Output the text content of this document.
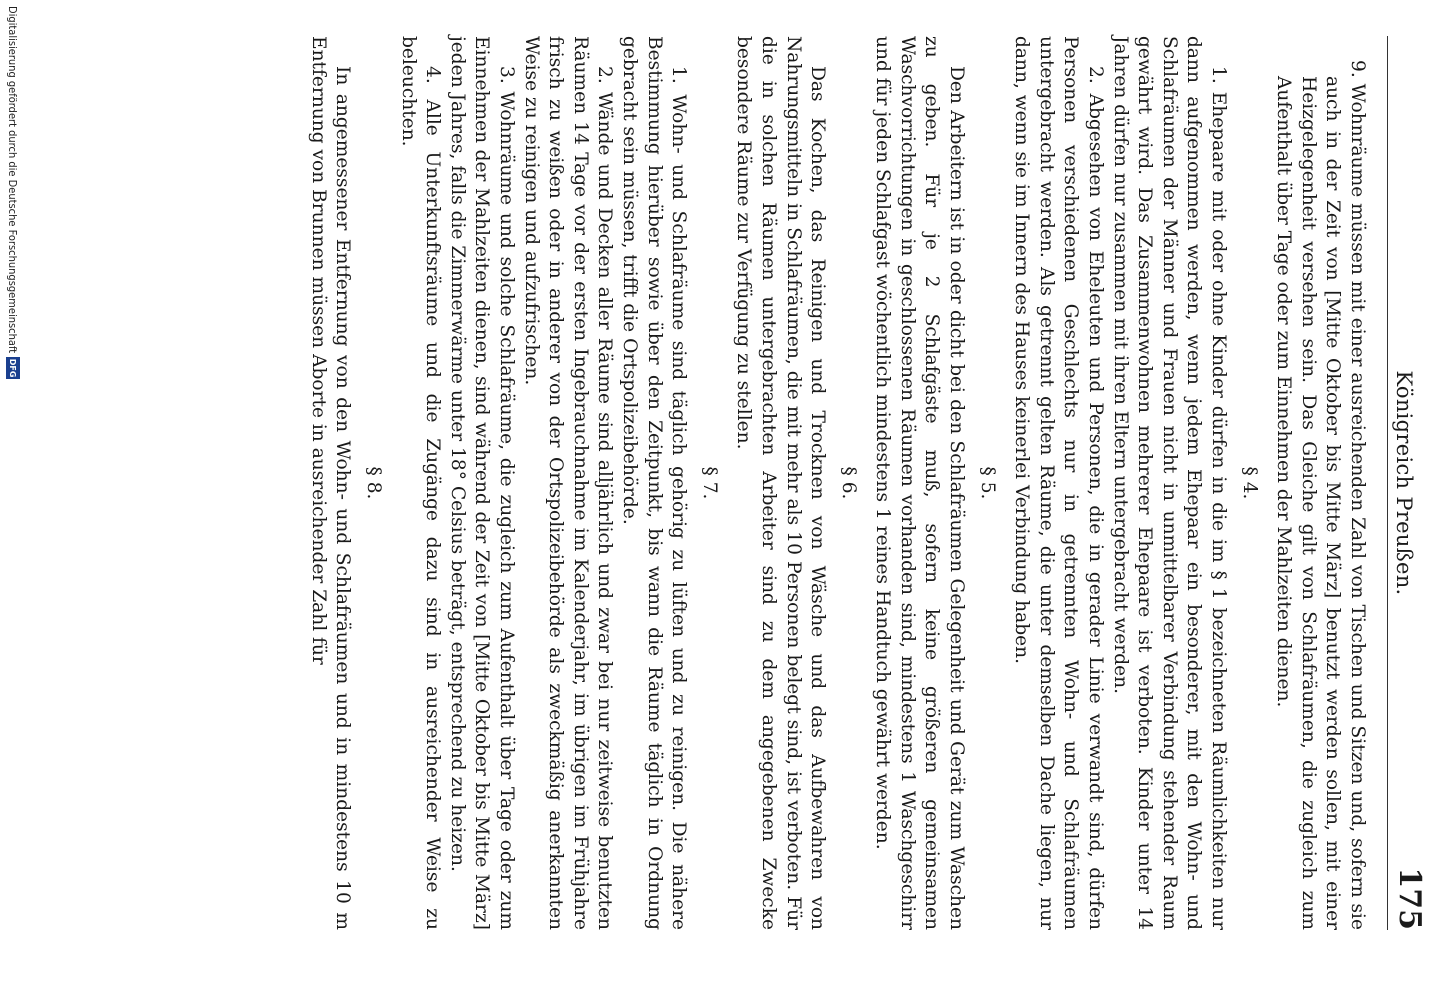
Königreich Preußen.
175

9. Wohnräume müssen mit einer ausreichenden Zahl von Tischen und Sitzen und, sofern sie auch in der Zeit von [Mitte Oktober bis Mitte März] benutzt werden sollen, mit einer Heizgelegenheit versehen sein. Das Gleiche gilt von Schlafräumen, die zugleich zum Aufenthalt über Tage oder zum Einnehmen der Mahlzeiten dienen.

§ 4.

1. Ehepaare mit oder ohne Kinder dürfen in die im § 1 bezeichneten Räumlichkeiten nur dann aufgenommen werden, wenn jedem Ehepaar ein besonderer, mit den Wohn- und Schlafräumen der Männer und Frauen nicht in unmittelbarer Verbindung stehender Raum gewährt wird. Das Zusammenwohnen mehrerer Ehepaare ist verboten. Kinder unter 14 Jahren dürfen nur zusammen mit ihren Eltern untergebracht werden.

2. Abgesehen von Eheleuten und Personen, die in gerader Linie verwandt sind, dürfen Personen verschiedenen Geschlechts nur in getrennten Wohn- und Schlafräumen untergebracht werden. Als getrennt gelten Räume, die unter demselben Dache liegen, nur dann, wenn sie im Innern des Hauses keinerlei Verbindung haben.

§ 5.

Den Arbeitern ist in oder dicht bei den Schlafräumen Gelegenheit und Gerät zum Waschen zu geben. Für je 2 Schlafgäste muß, sofern keine größeren gemeinsamen Waschvorrichtungen in geschlossenen Räumen vorhanden sind, mindestens 1 Waschgeschirr und für jeden Schlafgast wöchentlich mindestens 1 reines Handtuch gewährt werden.

§ 6.

Das Kochen, das Reinigen und Trocknen von Wäsche und das Aufbewahren von Nahrungsmitteln in Schlafräumen, die mit mehr als 10 Personen belegt sind, ist verboten. Für die in solchen Räumen untergebrachten Arbeiter sind zu dem angegebenen Zwecke besondere Räume zur Verfügung zu stellen.

§ 7.

1. Wohn- und Schlafräume sind täglich gehörig zu lüften und zu reinigen. Die nähere Bestimmung hierüber sowie über den Zeitpunkt, bis wann die Räume täglich in Ordnung gebracht sein müssen, trifft die Ortspolizeibehörde.

2. Wände und Decken aller Räume sind alljährlich und zwar bei nur zeitweise benutzten Räumen 14 Tage vor der ersten Ingebrauchnahme im Kalenderjahr, im übrigen im Frühjahre frisch zu weißen oder in anderer von der Ortspolizeibehörde als zweckmäßig anerkannten Weise zu reinigen und aufzufrischen.

3. Wohnräume und solche Schlafräume, die zugleich zum Aufenthalt über Tage oder zum Einnehmen der Mahlzeiten dienen, sind während der Zeit von [Mitte Oktober bis Mitte März] jeden Jahres, falls die Zimmerwärme unter 18° Celsius beträgt, entsprechend zu heizen.

4. Alle Unterkunftsräume und die Zugänge dazu sind in ausreichender Weise zu beleuchten.

§ 8.

In angemessener Entfernung von den Wohn- und Schlafräumen und in mindestens 10 m Entfernung von Brunnen müssen Aborte in ausreichender Zahl für

Digitalisierung gefördert durch die Deutsche Forschungsgemeinschaft
DFG
